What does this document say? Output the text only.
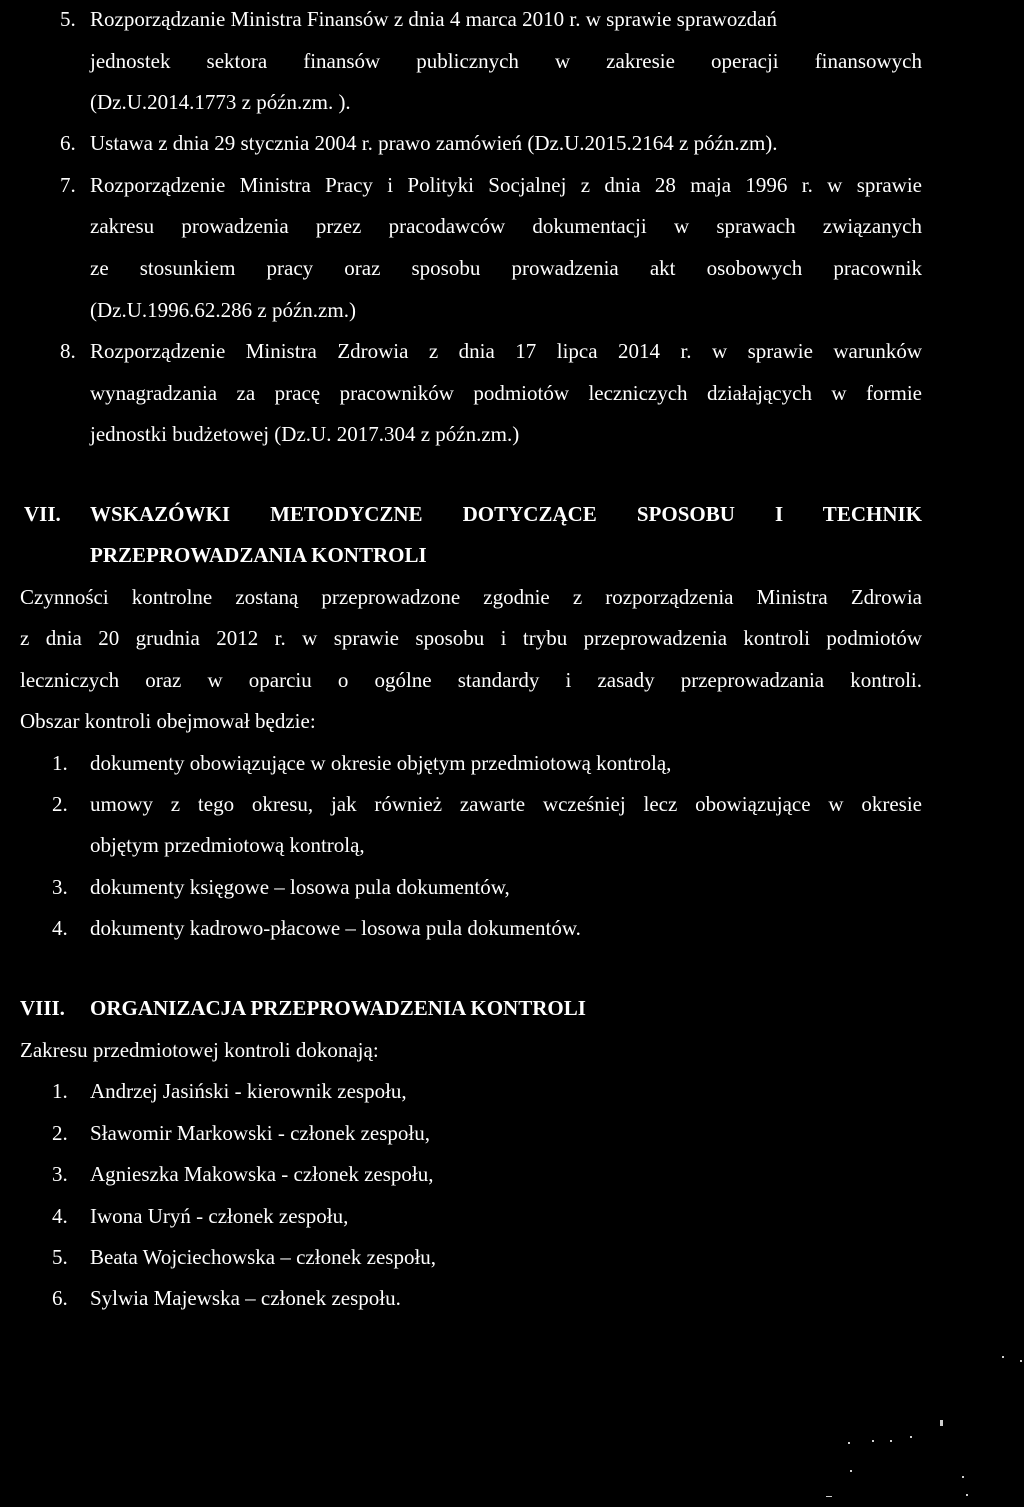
5. Rozporządzanie Ministra Finansów z dnia 4 marca 2010 r. w sprawie sprawozdań
jednostek sektora finansów publicznych w zakresie operacji finansowych
(Dz.U.2014.1773 z późn.zm. ).
6. Ustawa z dnia 29 stycznia 2004 r. prawo zamówień (Dz.U.2015.2164 z późn.zm).
7. Rozporządzenie Ministra Pracy i Polityki Socjalnej z dnia 28 maja 1996 r. w sprawie
zakresu prowadzenia przez pracodawców dokumentacji w sprawach związanych
ze stosunkiem pracy oraz sposobu prowadzenia akt osobowych pracownik
(Dz.U.1996.62.286 z późn.zm.)
8. Rozporządzenie Ministra Zdrowia z dnia 17 lipca 2014 r. w sprawie warunków
wynagradzania za pracę pracowników podmiotów leczniczych działających w formie
jednostki budżetowej (Dz.U. 2017.304 z późn.zm.)
VII. WSKAZÓWKI METODYCZNE DOTYCZĄCE SPOSOBU I TECHNIK
PRZEPROWADZANIA KONTROLI
Czynności kontrolne zostaną przeprowadzone zgodnie z rozporządzenia Ministra Zdrowia
z dnia 20 grudnia 2012 r. w sprawie sposobu i trybu przeprowadzenia kontroli podmiotów
leczniczych oraz w oparciu o ogólne standardy i zasady przeprowadzania kontroli.
Obszar kontroli obejmował będzie:
1. dokumenty obowiązujące w okresie objętym przedmiotową kontrolą,
2. umowy z tego okresu, jak również zawarte wcześniej lecz obowiązujące w okresie
objętym przedmiotową kontrolą,
3. dokumenty księgowe – losowa pula dokumentów,
4. dokumenty kadrowo-płacowe – losowa pula dokumentów.
VIII. ORGANIZACJA PRZEPROWADZENIA KONTROLI
Zakresu przedmiotowej kontroli dokonają:
1. Andrzej Jasiński - kierownik zespołu,
2. Sławomir Markowski - członek zespołu,
3. Agnieszka Makowska - członek zespołu,
4. Iwona Uryń - członek zespołu,
5. Beata Wojciechowska – członek zespołu,
6. Sylwia Majewska – członek zespołu.
